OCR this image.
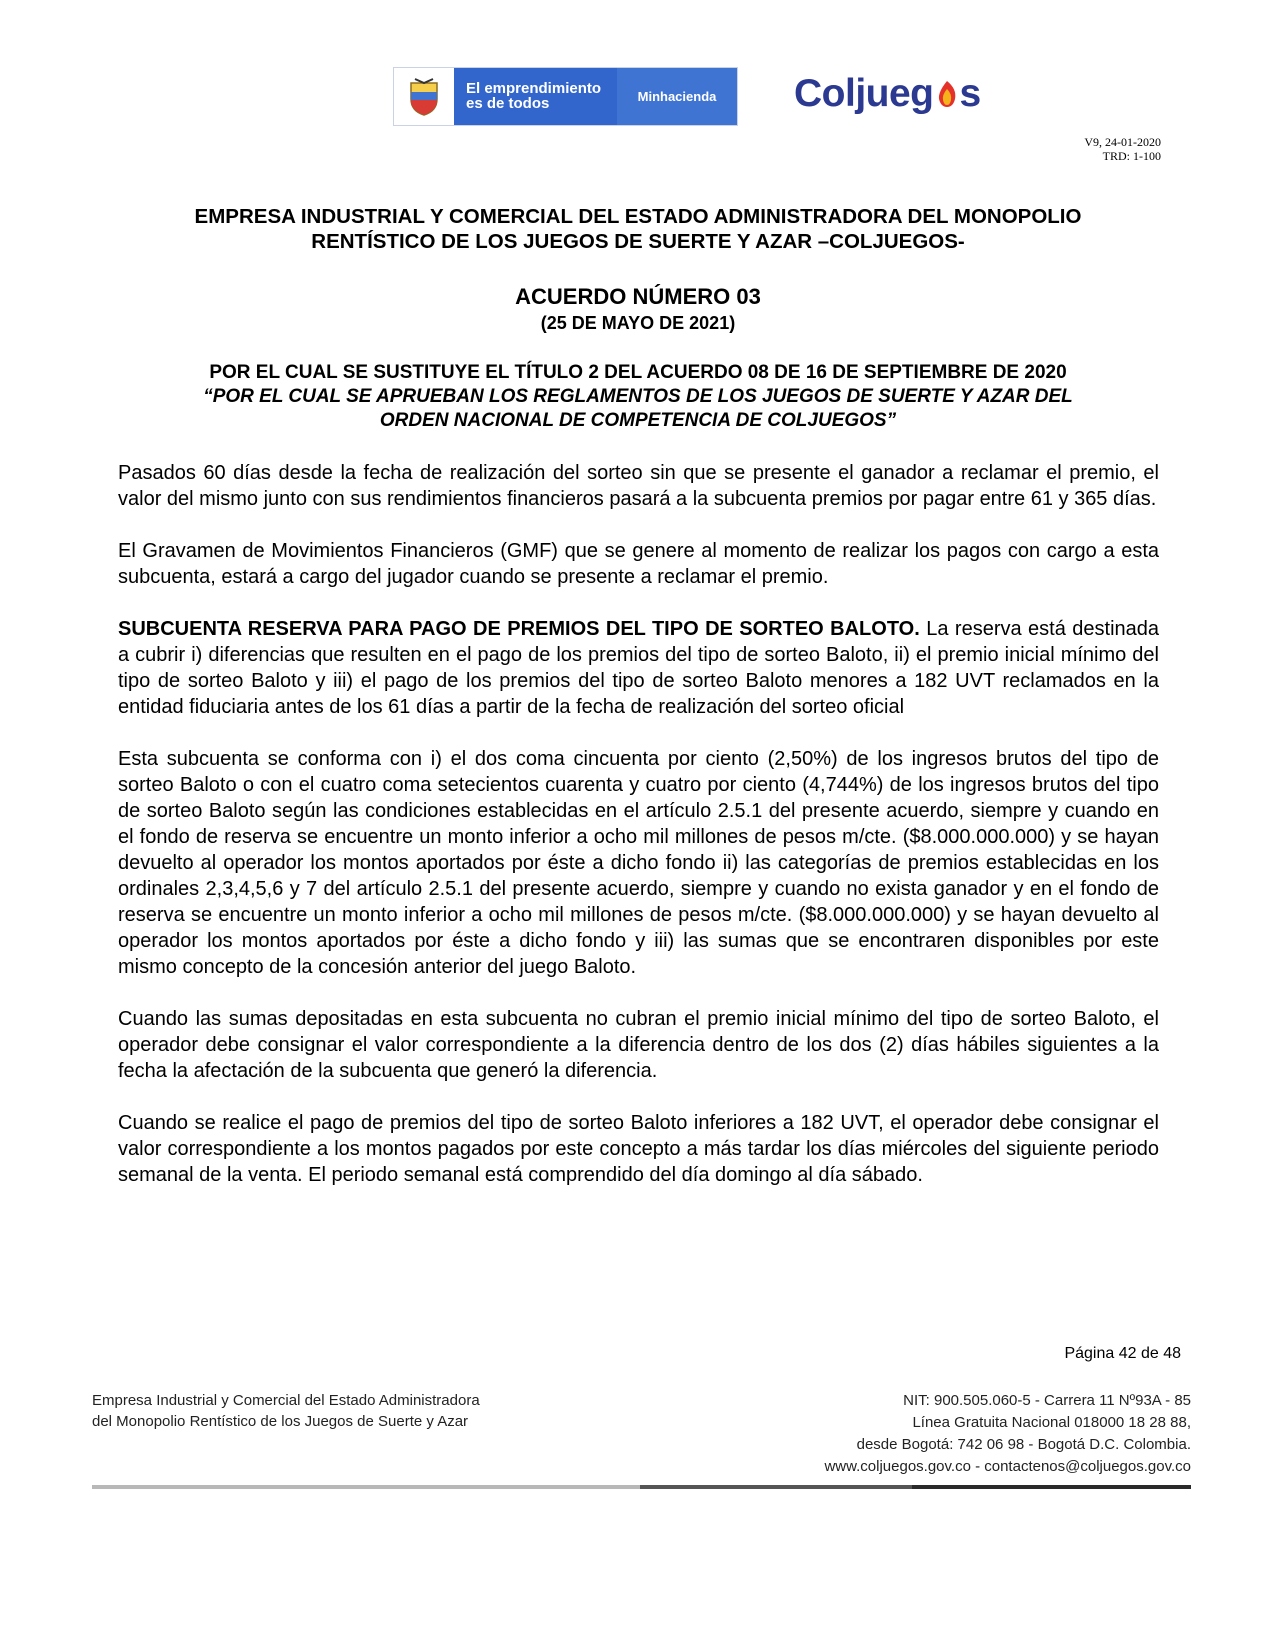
El emprendimiento
es de todos	Minhacienda	Coljueg s
V9, 24-01-2020
TRD: 1-100
EMPRESA INDUSTRIAL Y COMERCIAL DEL ESTADO ADMINISTRADORA DEL MONOPOLIO
RENTÍSTICO DE LOS JUEGOS DE SUERTE Y AZAR –COLJUEGOS-
ACUERDO NÚMERO 03
(25 DE MAYO DE 2021)
POR EL CUAL SE SUSTITUYE EL TÍTULO 2 DEL ACUERDO 08 DE 16 DE SEPTIEMBRE DE 2020
“POR EL CUAL SE APRUEBAN LOS REGLAMENTOS DE LOS JUEGOS DE SUERTE Y AZAR DEL
ORDEN NACIONAL DE COMPETENCIA DE COLJUEGOS”

Pasados 60 días desde la fecha de realización del sorteo sin que se presente el ganador a reclamar el premio, el valor del mismo junto con sus rendimientos financieros pasará a la subcuenta premios por pagar entre 61 y 365 días.

El Gravamen de Movimientos Financieros (GMF) que se genere al momento de realizar los pagos con cargo a esta subcuenta, estará a cargo del jugador cuando se presente a reclamar el premio.

SUBCUENTA RESERVA PARA PAGO DE PREMIOS DEL TIPO DE SORTEO BALOTO. La reserva está destinada a cubrir i) diferencias que resulten en el pago de los premios del tipo de sorteo Baloto, ii) el premio inicial mínimo del tipo de sorteo Baloto y iii) el pago de los premios del tipo de sorteo Baloto menores a 182 UVT reclamados en la entidad fiduciaria antes de los 61 días a partir de la fecha de realización del sorteo oficial

Esta subcuenta se conforma con i) el dos coma cincuenta por ciento (2,50%) de los ingresos brutos del tipo de sorteo Baloto o con el cuatro coma setecientos cuarenta y cuatro por ciento (4,744%) de los ingresos brutos del tipo de sorteo Baloto según las condiciones establecidas en el artículo 2.5.1 del presente acuerdo, siempre y cuando en el fondo de reserva se encuentre un monto inferior a ocho mil millones de pesos m/cte. ($8.000.000.000) y se hayan devuelto al operador los montos aportados por éste a dicho fondo ii) las categorías de premios establecidas en los ordinales 2,3,4,5,6 y 7 del artículo 2.5.1 del presente acuerdo, siempre y cuando no exista ganador y en el fondo de reserva se encuentre un monto inferior a ocho mil millones de pesos m/cte. ($8.000.000.000) y se hayan devuelto al operador los montos aportados por éste a dicho fondo y iii) las sumas que se encontraren disponibles por este mismo concepto de la concesión anterior del juego Baloto.

Cuando las sumas depositadas en esta subcuenta no cubran el premio inicial mínimo del tipo de sorteo Baloto, el operador debe consignar el valor correspondiente a la diferencia dentro de los dos (2) días hábiles siguientes a la fecha la afectación de la subcuenta que generó la diferencia.

Cuando se realice el pago de premios del tipo de sorteo Baloto inferiores a 182 UVT, el operador debe consignar el valor correspondiente a los montos pagados por este concepto a más tardar los días miércoles del siguiente periodo semanal de la venta. El periodo semanal está comprendido del día domingo al día sábado.

Página 42 de 48
Empresa Industrial y Comercial del Estado Administradora
del Monopolio Rentístico de los Juegos de Suerte y Azar
NIT: 900.505.060-5 - Carrera 11 Nº93A - 85
Línea Gratuita Nacional 018000 18 28 88,
desde Bogotá: 742 06 98 - Bogotá D.C. Colombia.
www.coljuegos.gov.co - contactenos@coljuegos.gov.co
